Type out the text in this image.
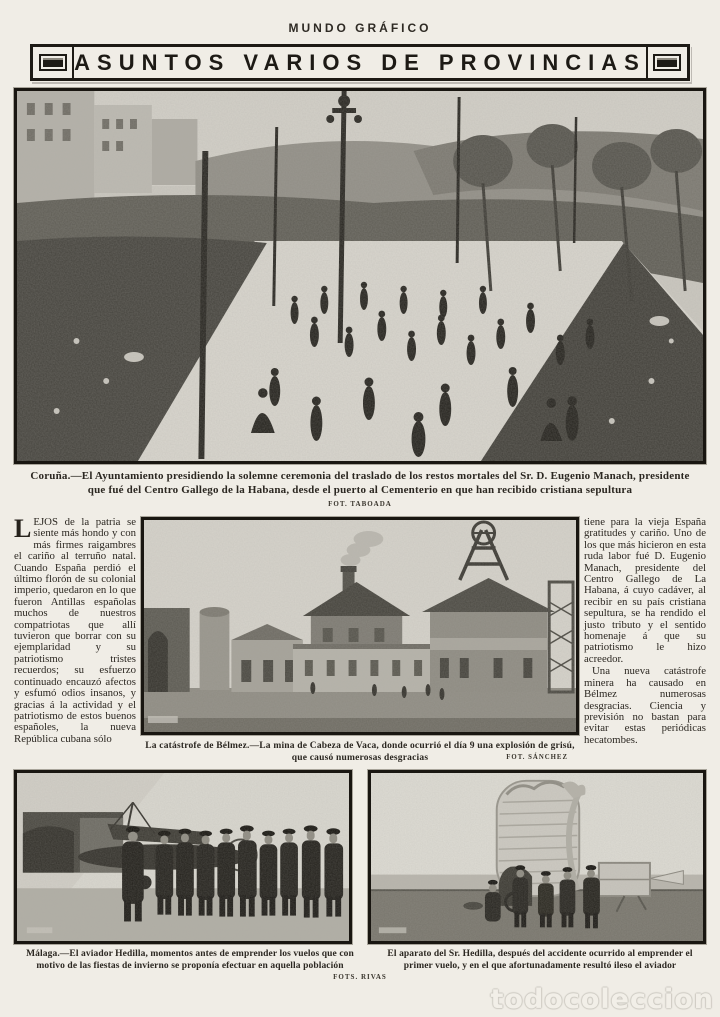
MUNDO GRÁFICO
ASUNTOS VARIOS DE PROVINCIAS
Coruña.—El Ayuntamiento presidiendo la solemne ceremonia del traslado de los restos mortales del Sr. D. Eugenio Manach, presidente que fué del Centro Gallego de la Habana, desde el puerto al Cementerio en que han recibido cristiana sepultura
FOT. TABOADA

LEJOS de la patria se siente más hondo y con más firmes raigambres el cariño al terruño natal. Cuando España perdió el último florón de su colonial imperio, quedaron en lo que fueron Antillas españolas muchos de nuestros compatriotas que allí tuvieron que borrar con su ejemplaridad y su patriotismo tristes recuerdos; su esfuerzo continuado encauzó afectos y esfumó odios insanos, y gracias á la actividad y el patriotismo de estos buenos españoles, la nueva República cubana sólo

tiene para la vieja España gratitudes y cariño. Uno de los que más hicieron en esta ruda labor fué D. Eugenio Manach, presidente del Centro Gallego de La Habana, á cuyo cadáver, al recibir en su país cristiana sepultura, se ha rendido el justo tributo y el sentido homenaje á que su patriotismo le hizo acreedor.

Una nueva catástrofe minera ha causado en Bélmez numerosas desgracias. Ciencia y previsión no bastan para evitar estas periódicas hecatombes.

La catástrofe de Bélmez.—La mina de Cabeza de Vaca, donde ocurrió el día 9 una explosión de grisú,
que causó numerosas desgracias	FOT. SÁNCHEZ
Málaga.—El aviador Hedilla, momentos antes de emprender los vuelos que con motivo de las fiestas de invierno se proponía efectuar en aquella población
El aparato del Sr. Hedilla, después del accidente ocurrido al emprender el primer vuelo, y en el que afortunadamente resultó ileso el aviador
FOTS. RIVAS
todocoleccion
